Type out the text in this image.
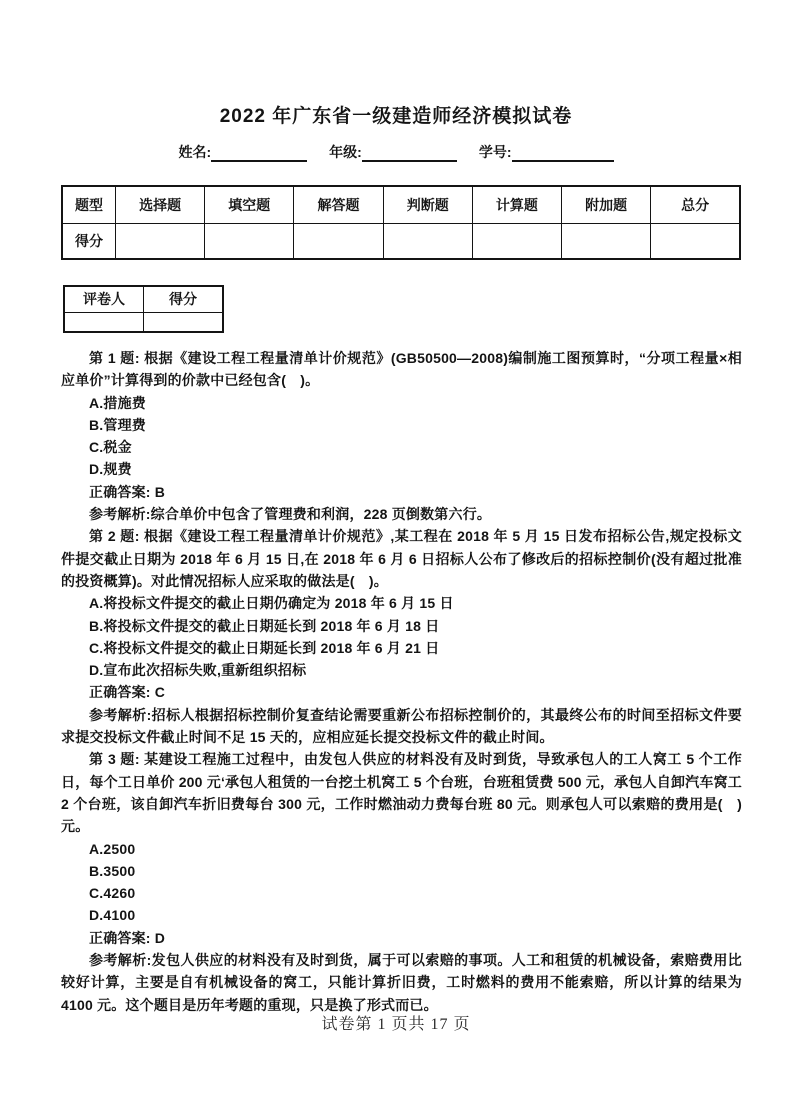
2022 年广东省一级建造师经济模拟试卷
姓名:	年级:	学号:
题型	选择题	填空题	解答题	判断题	计算题	附加题	总分
得分							
评卷人	得分

第 1 题: 根据《建设工程工程量清单计价规范》(GB50500—2008)编制施工图预算时，“分项工程量×相应单价”计算得到的价款中已经包含(　)。

A.措施费

B.管理费

C.税金

D.规费

正确答案: B

参考解析:综合单价中包含了管理费和利润，228 页倒数第六行。

第 2 题: 根据《建设工程工程量清单计价规范》,某工程在 2018 年 5 月 15 日发布招标公告,规定投标文件提交截止日期为 2018 年 6 月 15 日,在 2018 年 6 月 6 日招标人公布了修改后的招标控制价(没有超过批准的投资概算)。对此情况招标人应采取的做法是(　)。

A.将投标文件提交的截止日期仍确定为 2018 年 6 月 15 日

B.将投标文件提交的截止日期延长到 2018 年 6 月 18 日

C.将投标文件提交的截止日期延长到 2018 年 6 月 21 日

D.宣布此次招标失败,重新组织招标

正确答案: C

参考解析:招标人根据招标控制价复查结论需要重新公布招标控制价的，其最终公布的时间至招标文件要求提交投标文件截止时间不足 15 天的，应相应延长提交投标文件的截止时间。

第 3 题: 某建设工程施工过程中，由发包人供应的材料没有及时到货，导致承包人的工人窝工 5 个工作日，每个工日单价 200 元‘承包人租赁的一台挖土机窝工 5 个台班，台班租赁费 500 元，承包人自卸汽车窝工 2 个台班，该自卸汽车折旧费每台 300 元，工作时燃油动力费每台班 80 元。则承包人可以索赔的费用是(　)元。

A.2500

B.3500

C.4260

D.4100

正确答案: D

参考解析:发包人供应的材料没有及时到货，属于可以索赔的事项。人工和租赁的机械设备，索赔费用比较好计算，主要是自有机械设备的窝工，只能计算折旧费，工时燃料的费用不能索赔，所以计算的结果为 4100 元。这个题目是历年考题的重现，只是换了形式而已。

试卷第 1 页共 17 页
